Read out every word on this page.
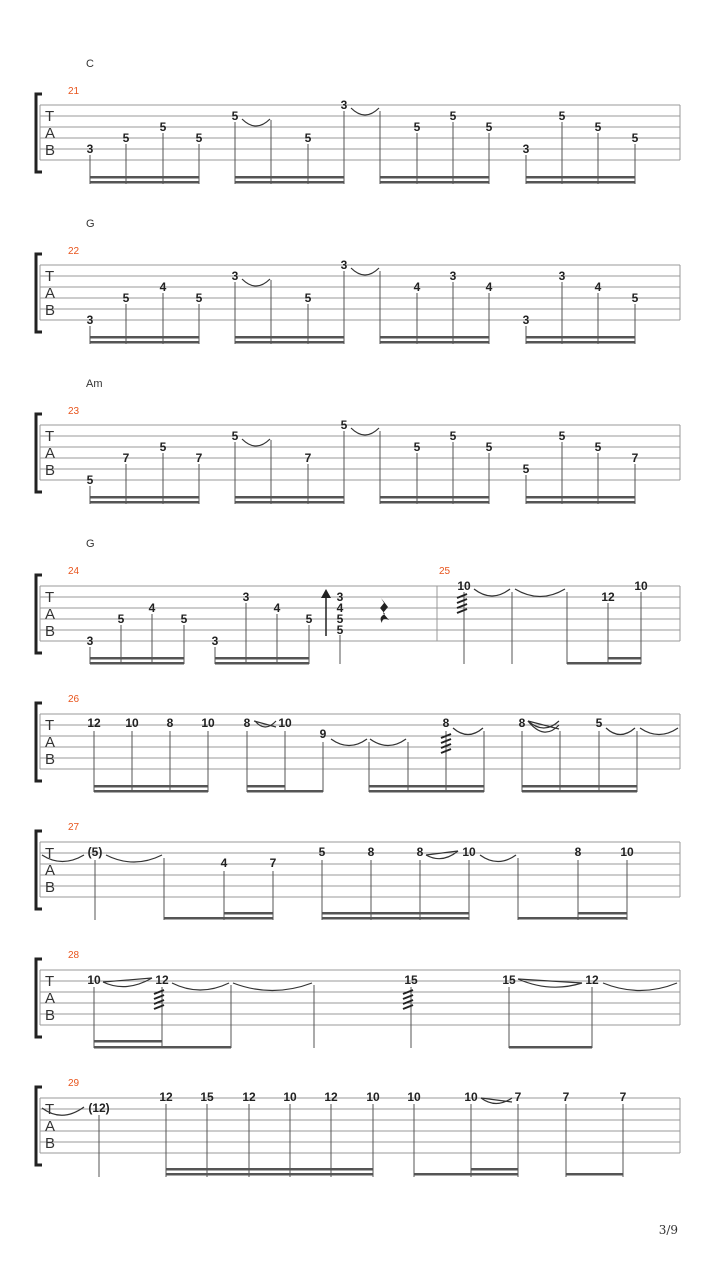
C
21
T
A
B	3
5
5
5
5
5
3
5
5
5
3
5
5
5
G
22
T
A
B
3
5
4
5
3
5
3
4
3
4
3
3
4
5
Am
23
T
A
B
5
7
5
7
5
7
5
5
5
5
5
5
5
7
G
24	25
T
A
B
3
5
4
5
3
3
4
5
3
4
5
5
10
12
10
26
T
A
B
12 10 8 10 8 10
9
8	8	5
27
T
A
B
(5)
4	7
5	8	8	10	8	10
28
T
A
B
10	12	15	15	12
29
T
A
B
(12)
12 15 12 10 12 10 10	10	7	7	7
3/9
